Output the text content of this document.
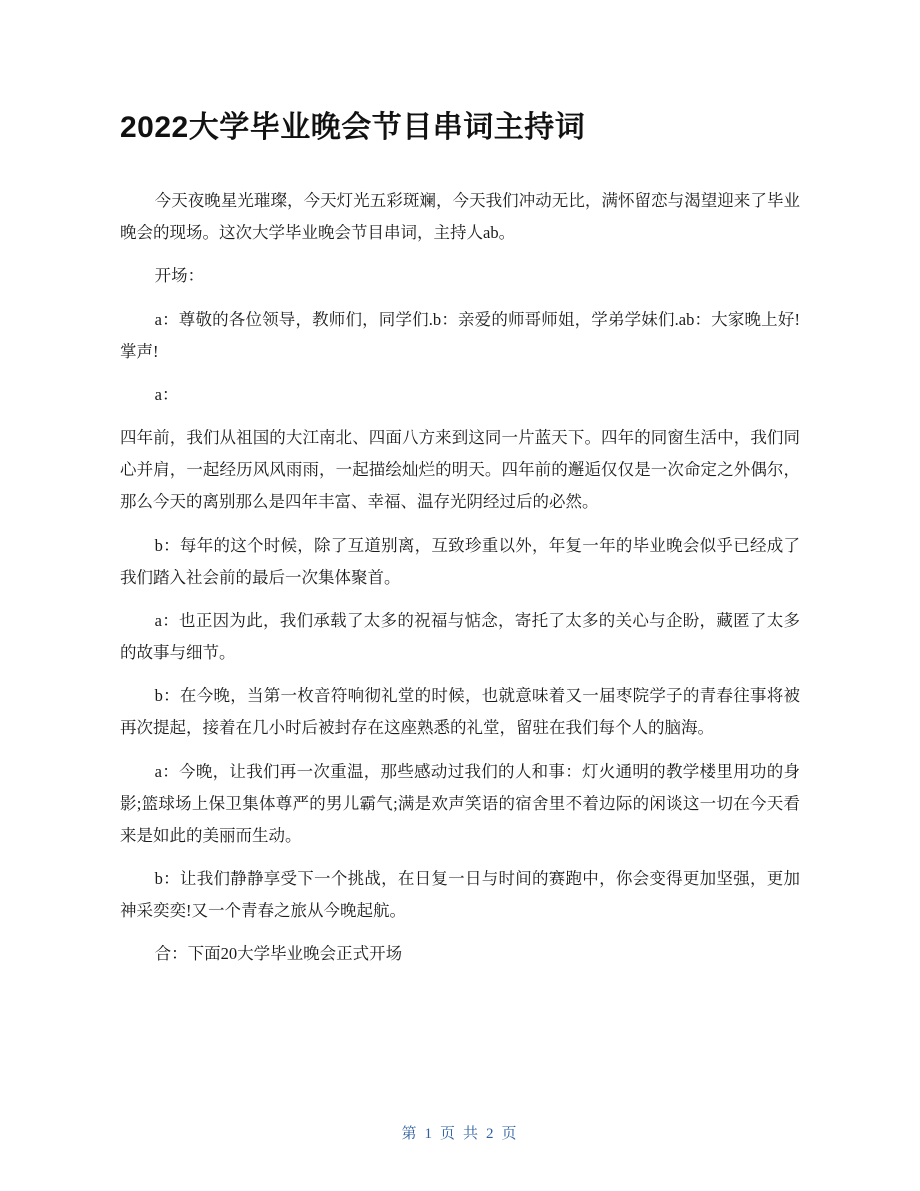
2022大学毕业晚会节目串词主持词

今天夜晚星光璀璨，今天灯光五彩斑斓，今天我们冲动无比，满怀留恋与渴望迎来了毕业晚会的现场。这次大学毕业晚会节目串词，主持人ab。

开场：

a：尊敬的各位领导，教师们，同学们.b：亲爱的师哥师姐，学弟学妹们.ab：大家晚上好!掌声!

a：

四年前，我们从祖国的大江南北、四面八方来到这同一片蓝天下。四年的同窗生活中，我们同心并肩，一起经历风风雨雨，一起描绘灿烂的明天。四年前的邂逅仅仅是一次命定之外偶尔，那么今天的离别那么是四年丰富、幸福、温存光阴经过后的必然。

b：每年的这个时候，除了互道别离，互致珍重以外，年复一年的毕业晚会似乎已经成了我们踏入社会前的最后一次集体聚首。

a：也正因为此，我们承载了太多的祝福与惦念，寄托了太多的关心与企盼，藏匿了太多的故事与细节。

b：在今晚，当第一枚音符响彻礼堂的时候，也就意味着又一届枣院学子的青春往事将被再次提起，接着在几小时后被封存在这座熟悉的礼堂，留驻在我们每个人的脑海。

a：今晚，让我们再一次重温，那些感动过我们的人和事：灯火通明的教学楼里用功的身影;篮球场上保卫集体尊严的男儿霸气;满是欢声笑语的宿舍里不着边际的闲谈这一切在今天看来是如此的美丽而生动。

b：让我们静静享受下一个挑战，在日复一日与时间的赛跑中，你会变得更加坚强，更加神采奕奕!又一个青春之旅从今晚起航。

合：下面20大学毕业晚会正式开场

第 1 页 共 2 页
